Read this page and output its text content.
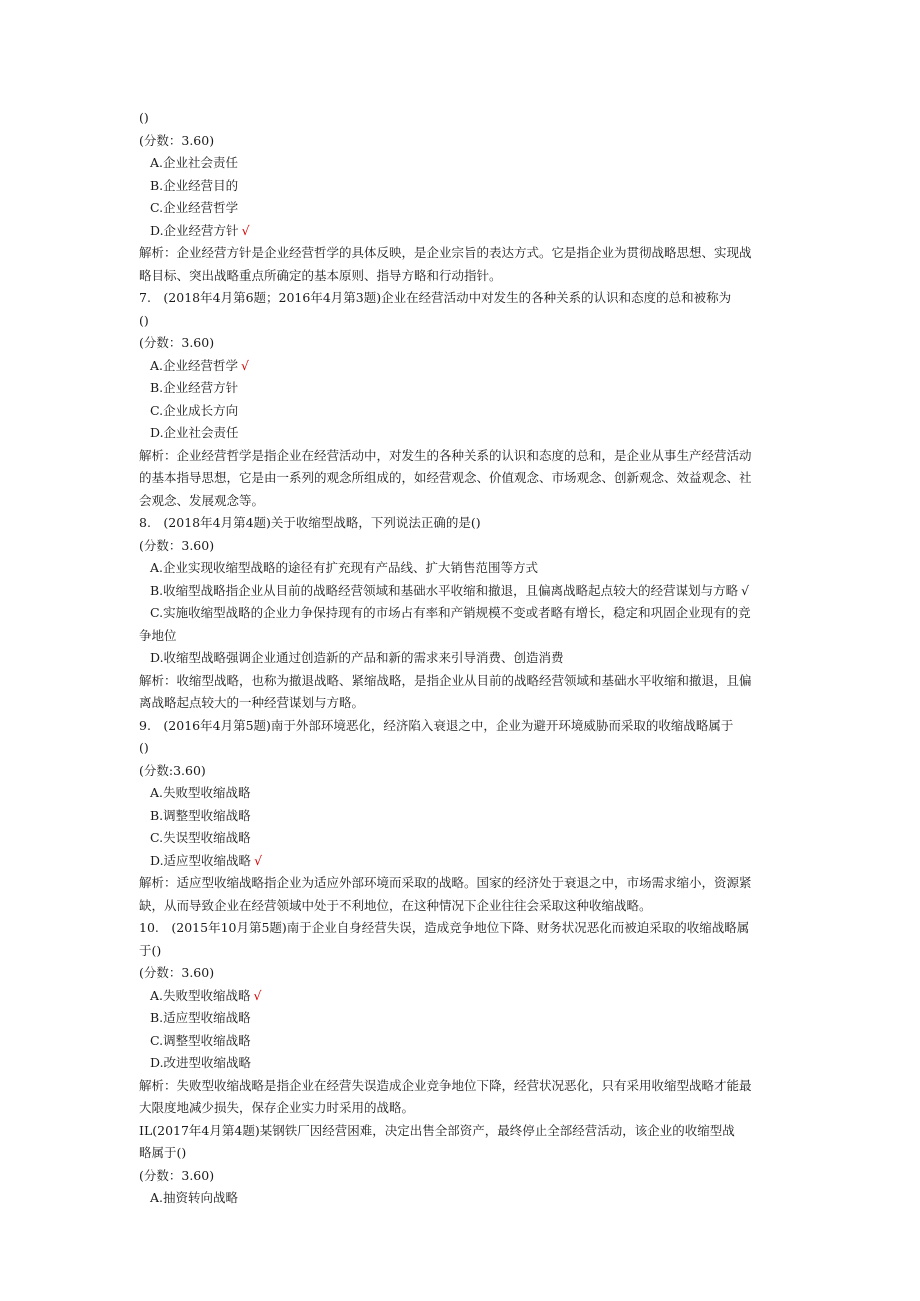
()
(分数：3.60)
A.企业社会责任
B.企业经营目的
C.企业经营哲学
D.企业经营方针 √
解析：企业经营方针是企业经营哲学的具体反映，是企业宗旨的表达方式。它是指企业为贯彻战略思想、实现战
略目标、突出战略重点所确定的基本原则、指导方略和行动指针。
7.　(2018年4月第6题；2016年4月第3题)企业在经营活动中对发生的各种关系的认识和态度的总和被称为
()
(分数：3.60)
A.企业经营哲学 √
B.企业经营方针
C.企业成长方向
D.企业社会责任
解析：企业经营哲学是指企业在经营活动中，对发生的各种关系的认识和态度的总和，是企业从事生产经营活动
的基本指导思想，它是由一系列的观念所组成的，如经营观念、价值观念、市场观念、创新观念、效益观念、社
会观念、发展观念等。
8.　(2018年4月第4题)关于收缩型战略，下列说法正确的是()
(分数：3.60)
A.企业实现收缩型战略的途径有扩充现有产品线、扩大销售范围等方式
B.收缩型战略指企业从目前的战略经营领域和基础水平收缩和撤退，且偏离战略起点较大的经营谋划与方略 √
C.实施收缩型战略的企业力争保持现有的市场占有率和产销规模不变或者略有增长，稳定和巩固企业现有的竞
争地位
D.收缩型战略强调企业通过创造新的产品和新的需求来引导消费、创造消费
解析：收缩型战略，也称为撤退战略、紧缩战略，是指企业从目前的战略经营领域和基础水平收缩和撤退，且偏
离战略起点较大的一种经营谋划与方略。
9.　(2016年4月第5题)南于外部环境恶化，经济陷入衰退之中，企业为避开环境威胁而采取的收缩战略属于
()
(分数:3.60)
A.失败型收缩战略
B.调整型收缩战略
C.失误型收缩战略
D.适应型收缩战略 √
解析：适应型收缩战略指企业为适应外部环境而采取的战略。国家的经济处于衰退之中，市场需求缩小，资源紧
缺，从而导致企业在经营领域中处于不利地位，在这种情况下企业往往会采取这种收缩战略。
10.　(2015年10月第5题)南于企业自身经营失误，造成竞争地位下降、财务状况恶化而被迫采取的收缩战略属
于()
(分数：3.60)
A.失败型收缩战略 √
B.适应型收缩战略
C.调整型收缩战略
D.改进型收缩战略
解析：失败型收缩战略是指企业在经营失误造成企业竞争地位下降，经营状况恶化，只有采用收缩型战略才能最
大限度地减少损失，保存企业实力时采用的战略。
IL(2017年4月第4题)某钢铁厂因经营困难，决定出售全部资产，最终停止全部经营活动，该企业的收缩型战
略属于()
(分数：3.60)
A.抽资转向战略
